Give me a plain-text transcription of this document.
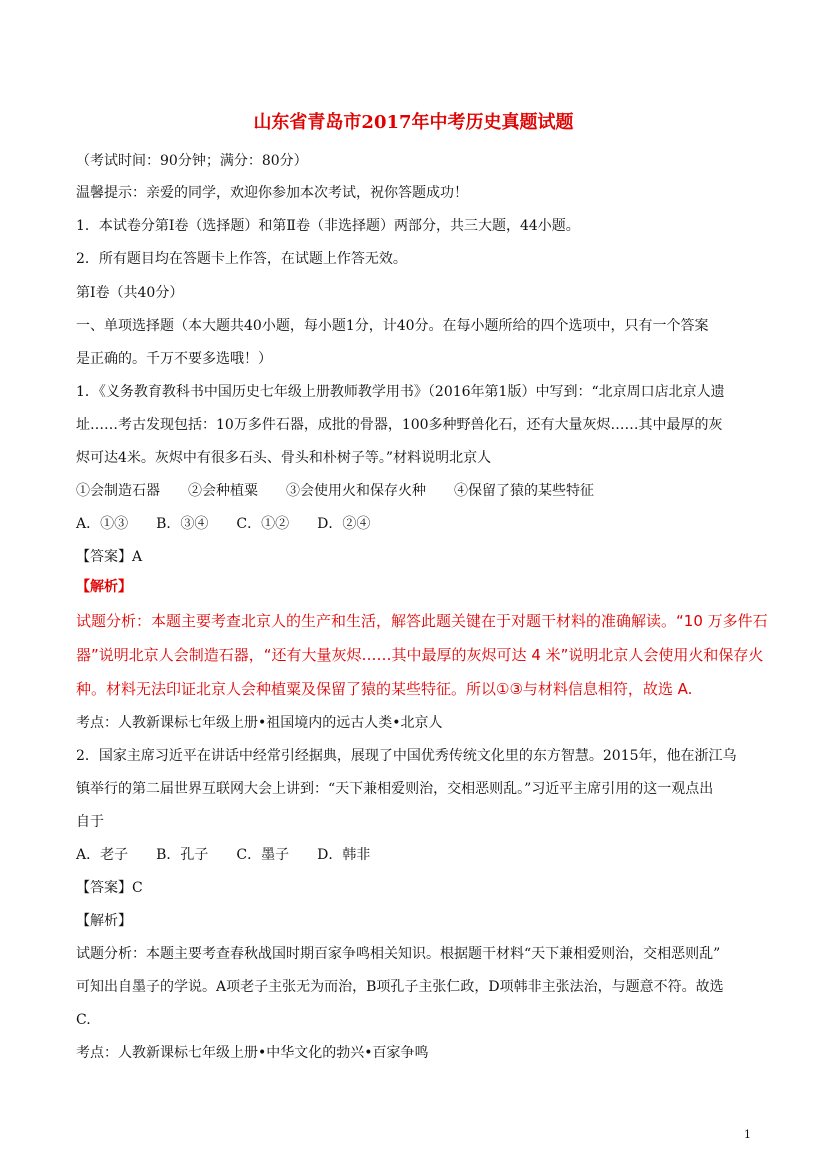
山东省青岛市2017年中考历史真题试题
（考试时间：90分钟；满分：80分）
温馨提示：亲爱的同学，欢迎你参加本次考试，祝你答题成功！
1．本试卷分第Ⅰ卷（选择题）和第Ⅱ卷（非选择题）两部分，共三大题，44小题。
2．所有题目均在答题卡上作答，在试题上作答无效。
第Ⅰ卷（共40分）
一、单项选择题（本大题共40小题，每小题1分，计40分。在每小题所给的四个选项中，只有一个答案
是正确的。千万不要多选哦！）
1．《义务教育教科书中国历史七年级上册教师教学用书》（2016年第1版）中写到：“北京周口店北京人遗
址……考古发现包括：10万多件石器，成批的骨器，100多种野兽化石，还有大量灰烬……其中最厚的灰
烬可达4米。灰烬中有很多石头、骨头和朴树子等。”材料说明北京人
①会制造石器　　②会种植粟　　③会使用火和保存火种　　④保留了猿的某些特征
A．①③　　B．③④　　C．①②　　D．②④
【答案】A
【解析】
试题分析：本题主要考查北京人的生产和生活，解答此题关键在于对题干材料的准确解读。“10 万多件石
器”说明北京人会制造石器，“还有大量灰烬……其中最厚的灰烬可达 4 米”说明北京人会使用火和保存火
种。材料无法印证北京人会种植粟及保留了猿的某些特征。所以①③与材料信息相符，故选 A.
考点：人教新课标七年级上册•祖国境内的远古人类•北京人
2．国家主席习近平在讲话中经常引经据典，展现了中国优秀传统文化里的东方智慧。2015年，他在浙江乌
镇举行的第二届世界互联网大会上讲到：“天下兼相爱则治，交相恶则乱。”习近平主席引用的这一观点出
自于
A．老子　　B．孔子　　C．墨子　　D．韩非
【答案】C
【解析】
试题分析：本题主要考查春秋战国时期百家争鸣相关知识。根据题干材料“天下兼相爱则治，交相恶则乱”
可知出自墨子的学说。A项老子主张无为而治，B项孔子主张仁政，D项韩非主张法治，与题意不符。故选
C.
考点：人教新课标七年级上册•中华文化的勃兴•百家争鸣
1
